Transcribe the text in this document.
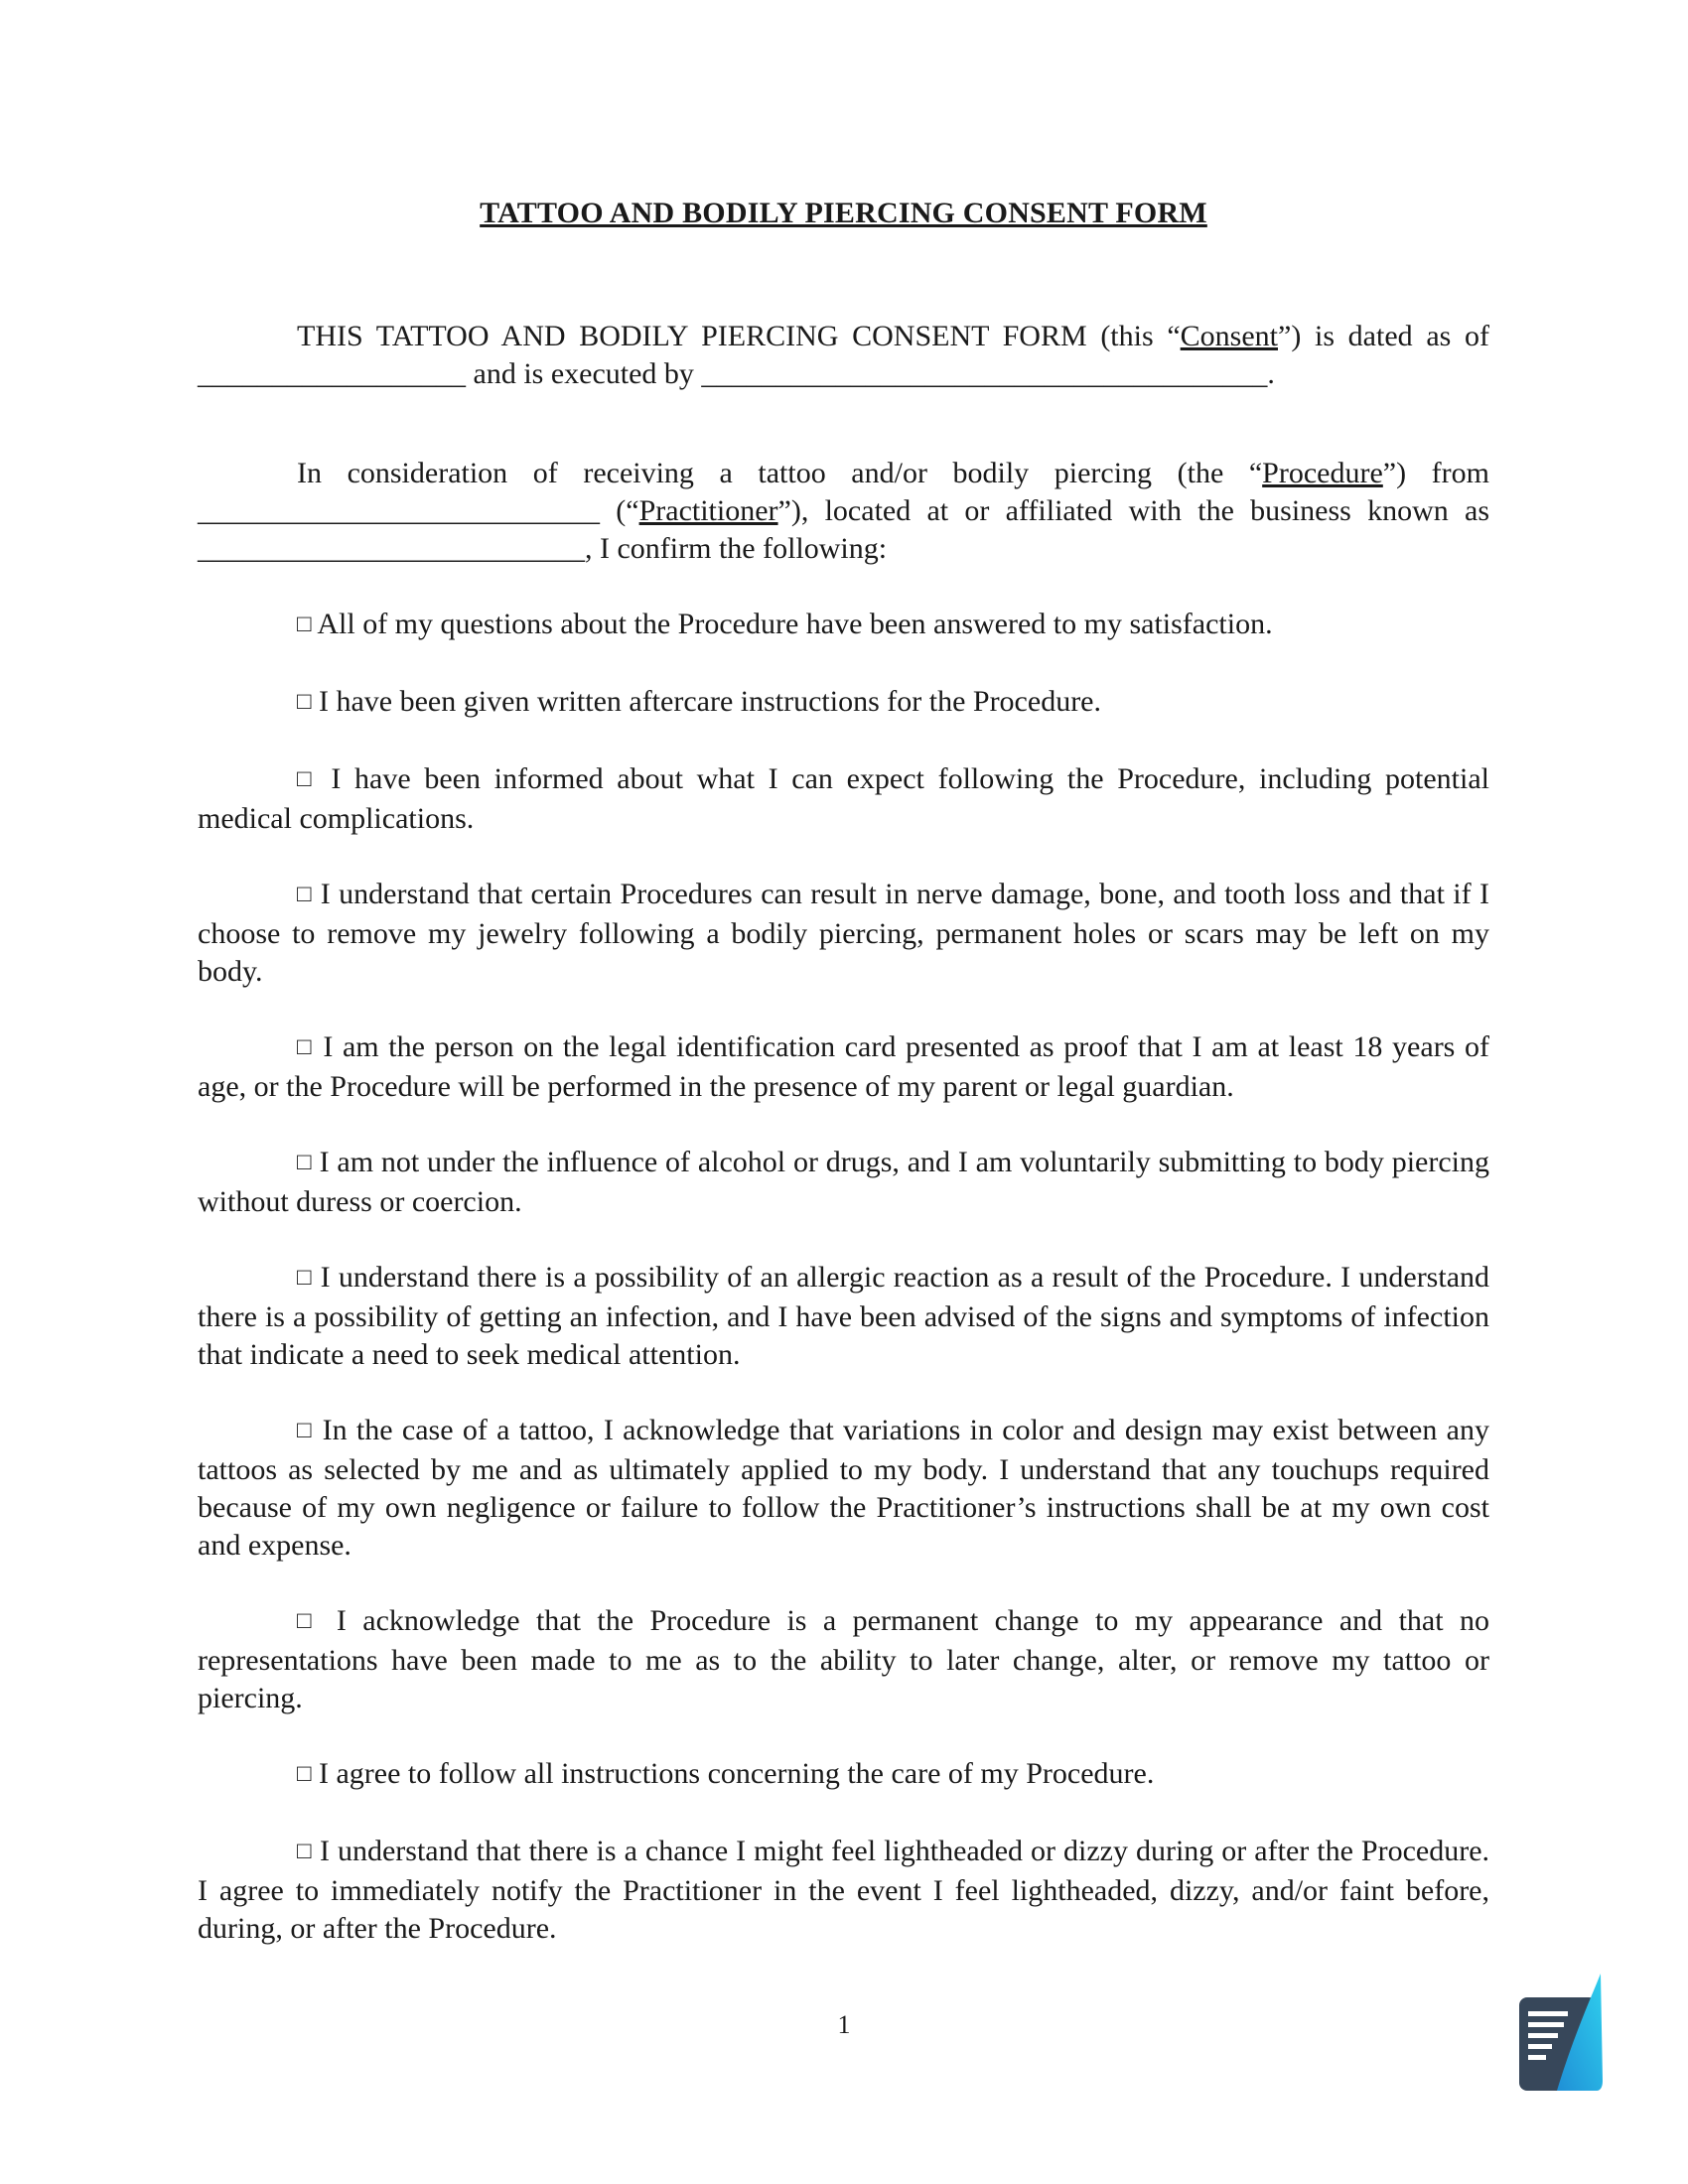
TATTOO AND BODILY PIERCING CONSENT FORM

THIS TATTOO AND BODILY PIERCING CONSENT FORM (this “Consent”) is dated as of __________________ and is executed by ______________________________________.

In consideration of receiving a tattoo and/or bodily piercing (the “Procedure”) from ___________________________ (“Practitioner”), located at or affiliated with the business known as __________________________, I confirm the following:

□ All of my questions about the Procedure have been answered to my satisfaction.

□ I have been given written aftercare instructions for the Procedure.

□ I have been informed about what I can expect following the Procedure, including potential medical complications.

□ I understand that certain Procedures can result in nerve damage, bone, and tooth loss and that if I choose to remove my jewelry following a bodily piercing, permanent holes or scars may be left on my body.

□ I am the person on the legal identification card presented as proof that I am at least 18 years of age, or the Procedure will be performed in the presence of my parent or legal guardian.

□ I am not under the influence of alcohol or drugs, and I am voluntarily submitting to body piercing without duress or coercion.

□ I understand there is a possibility of an allergic reaction as a result of the Procedure. I understand there is a possibility of getting an infection, and I have been advised of the signs and symptoms of infection that indicate a need to seek medical attention.

□ In the case of a tattoo, I acknowledge that variations in color and design may exist between any tattoos as selected by me and as ultimately applied to my body. I understand that any touchups required because of my own negligence or failure to follow the Practitioner’s instructions shall be at my own cost and expense.

□ I acknowledge that the Procedure is a permanent change to my appearance and that no representations have been made to me as to the ability to later change, alter, or remove my tattoo or piercing.

□ I agree to follow all instructions concerning the care of my Procedure.

□ I understand that there is a chance I might feel lightheaded or dizzy during or after the Procedure. I agree to immediately notify the Practitioner in the event I feel lightheaded, dizzy, and/or faint before, during, or after the Procedure.

1
